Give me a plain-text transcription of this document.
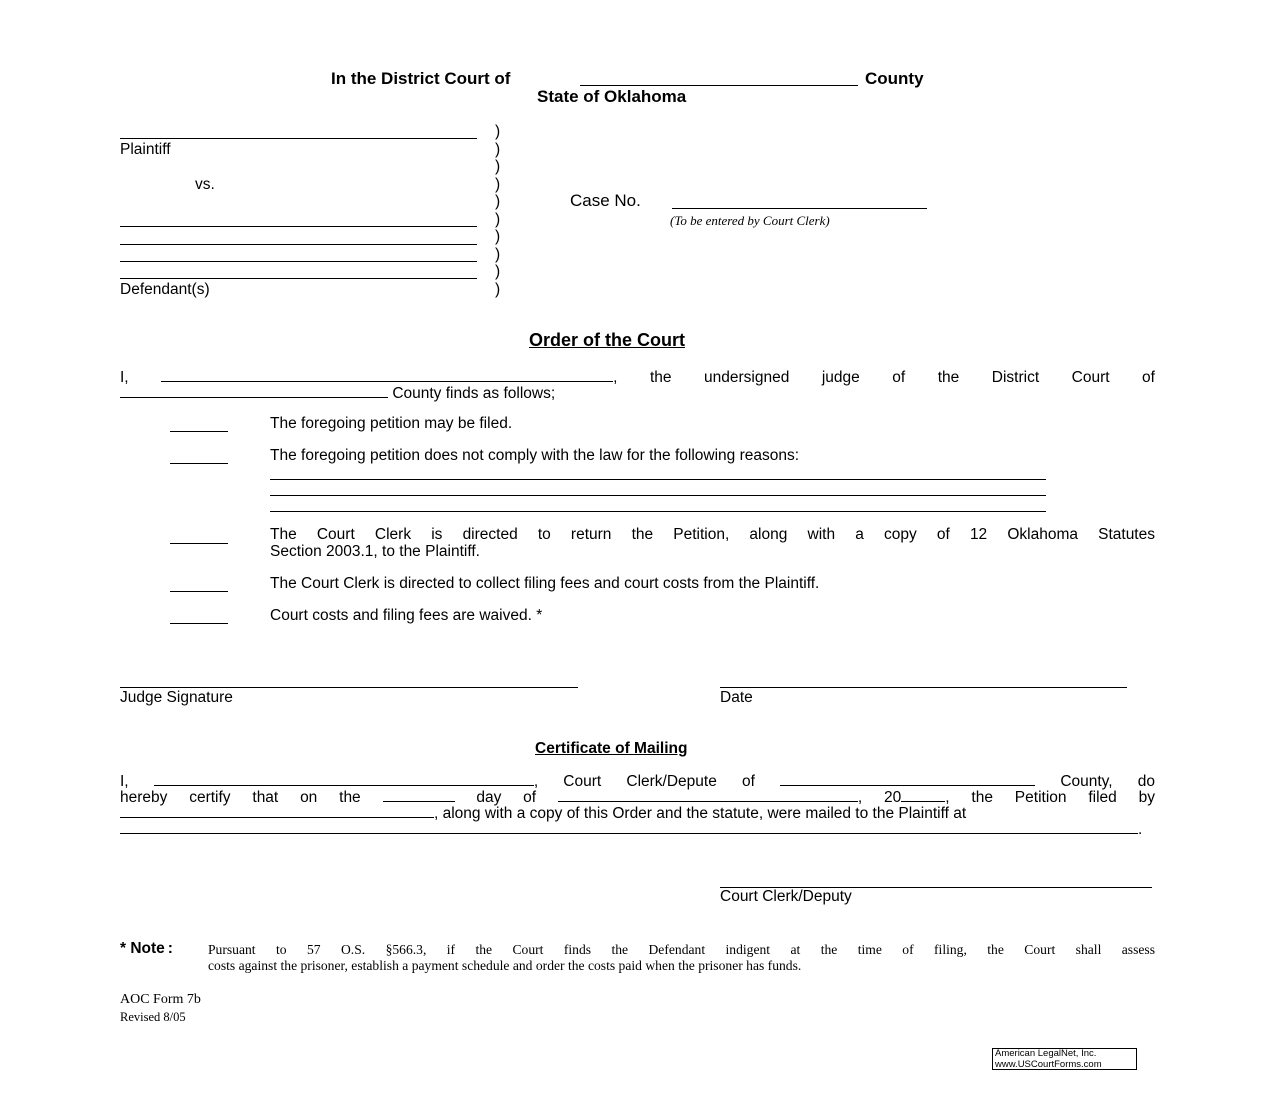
In the District Court of	County
State of Oklahoma
Plaintiff
vs.
Defendant(s)
)
)
)
)
)
)
)
)
)
)
Case No.
(To be entered by Court Clerk)
Order of the Court
I,	, the undersigned judge of the District Court of
County finds as follows;
The foregoing petition may be filed.
The foregoing petition does not comply with the law for the following reasons:
The Court Clerk is directed to return the Petition, along with a copy of 12 Oklahoma Statutes
Section 2003.1, to the Plaintiff.
The Court Clerk is directed to collect filing fees and court costs from the Plaintiff.
Court costs and filing fees are waived. *
Judge Signature	Date
Certificate of Mailing
I,	, Court Clerk/Depute of	County, do
hereby certify that on the	day of	, 20	, the Petition filed by
, along with a copy of this Order and the statute, were mailed to the Plaintiff at
.
Court Clerk/Deputy
* Note :	Pursuant to 57 O.S. §566.3, if the Court finds the Defendant indigent at the time of filing, the Court shall assess
costs against the prisoner, establish a payment schedule and order the costs paid when the prisoner has funds.
AOC Form 7b
Revised 8/05
American LegalNet, Inc.
www.USCourtForms.com
